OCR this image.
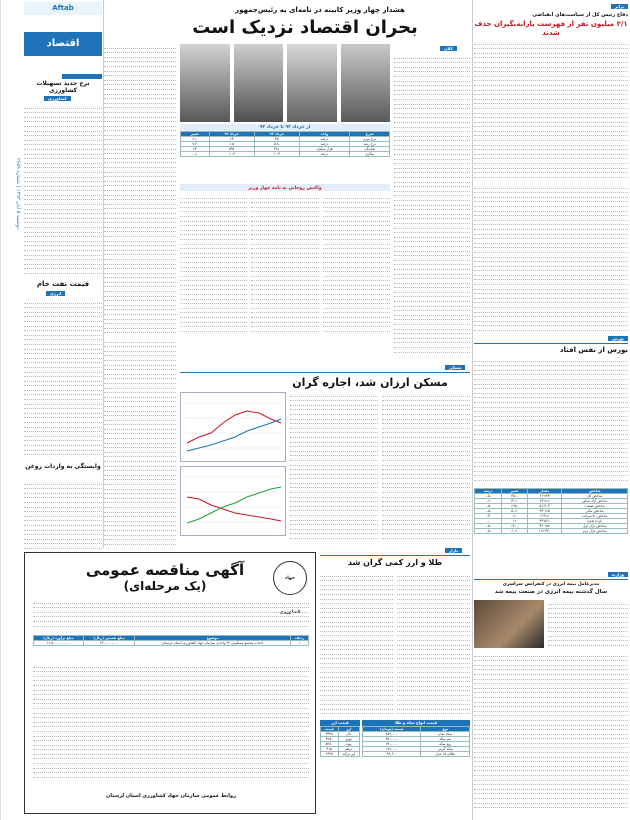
دوشنبه ۵ آبان ۱۳۹۳ | شماره ۲۶۵۹
Aftab
اقتصاد
نرخ جدید تسهیلات کشاورزی
کشاورزی
قیمت نفت خام
انرژی
وابستگی به واردات روغن
هشدار چهار وزیر کابینه در نامه‌ای به رئیس‌جمهور
بحران اقتصاد نزدیک است
کلان
از خرداد ۹۲ تا خرداد ۹۳
شرح	واحد	خرداد ۹۲	خرداد ۹۳	تغییر
نرخ تورم	درصد	۴۵	۲۴	-۲۱
نرخ رشد	درصد	-۵.۸	۱.۵	۷.۳
نقدینگی	هزار میلیارد	۴۸۱	۵۹۷	۲۴
بیکاری	درصد	۱۰.۴	۱۰.۳	-۰.۱
واکنش روحانی به نامه چهار وزیر
مسکن
مسکن ارزان شد، اجاره گران
بازار
طلا و ارز کمی گران شد
قیمت انواع سکه و طلا
نوع	قیمت (تومان)
سکه تمام	۸۸۳,۰۰۰
نیم سکه	۴۵۰,۰۰۰
ربع سکه	۲۴۰,۰۰۰
سکه گرمی	۱۷۲,۰۰۰
طلای ۱۸ عیار	۹۹,۶۰۰
قیمت ارز
ارز	قیمت
دلار	۳۳۴۸
یورو	۴۲۵۰
پوند	۵۳۸۰
درهم	۹۱۵
لیر ترکیه	۱۴۹۷
جهاد کشاورزی
آگهی مناقصه عمومی
(یک مرحله‌ای)
ردیف	موضوع	مبلغ تضمین (ریال)	مبلغ برآورد (ریال)
۱	احداث مجتمع مسکونی ۳۲ واحدی سازمان جهاد کشاورزی استان لرستان	۶۳۰,۰۰۰,۰۰۰	۱۲,۵۰۰,۰۰۰,۰۰۰
روابط عمومی سازمان جهاد کشاورزی استان لرستان
برابر
دفاع رئیس کل از سیاست‌های انقباضی
۲/۱ میلیون نفر از فهرست یارانه‌بگیران حذف شدند
بورس
بورس از نفس افتاد
شاخص	مقدار	تغییر	درصد
شاخص کل	۶۱٬۲۳۴	-۳۵۰	-۰.۵
شاخص آزاد شناور	۶۹٬۸۱۲	-۴۱۱	-۰.۶
شاخص صنعت	۵۱٬۷۰۳	-۲۹۸	-۰.۵
شاخص مالی	۹۴٬۱۲۵	-۵۰۲	-۰.۵
شاخص ۵۰ شرکت	۲٬۴۱۲	-۱۱	-۰.۴
بازده نقدی	۳۴٬۵۶۱	۱۲	۰.۰
شاخص بازار اول	۴۲٬۱۸۷	-۲۳۰	-۰.۵
شاخص بازار دوم	۱۱۲٬۴۳۰	-۶۰۲	-۰.۵
وزارت
مدیرعامل بیمه انرژی در کنفرانس سراسری
سال گذشته بیمه انرژی در صنعت بیمه شد
